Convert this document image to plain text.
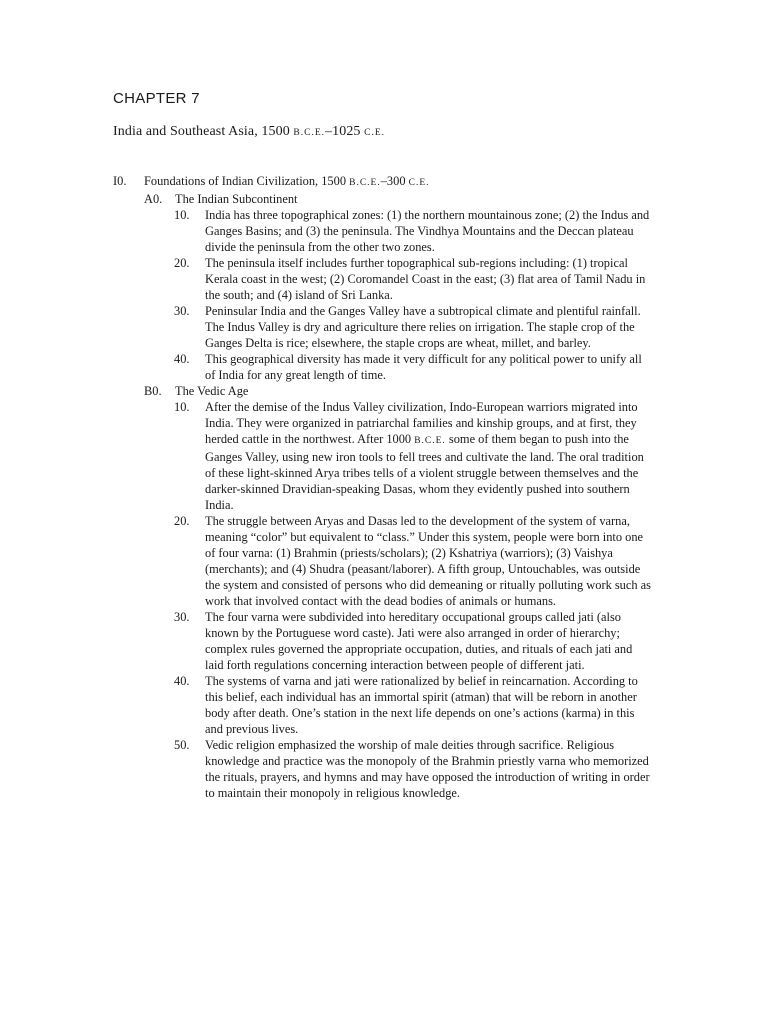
CHAPTER 7
India and Southeast Asia, 1500 B.C.E.–1025 C.E.
I0.	Foundations of Indian Civilization, 1500 B.C.E.–300 C.E.
A0.	The Indian Subcontinent
10.	India has three topographical zones: (1) the northern mountainous zone; (2) the Indus and Ganges Basins; and (3) the peninsula. The Vindhya Mountains and the Deccan plateau divide the peninsula from the other two zones.
20.	The peninsula itself includes further topographical sub-regions including: (1) tropical Kerala coast in the west; (2) Coromandel Coast in the east; (3) flat area of Tamil Nadu in the south; and (4) island of Sri Lanka.
30.	Peninsular India and the Ganges Valley have a subtropical climate and plentiful rainfall. The Indus Valley is dry and agriculture there relies on irrigation. The staple crop of the Ganges Delta is rice; elsewhere, the staple crops are wheat, millet, and barley.
40.	This geographical diversity has made it very difficult for any political power to unify all of India for any great length of time.
B0.	The Vedic Age
10.	After the demise of the Indus Valley civilization, Indo-European warriors migrated into India. They were organized in patriarchal families and kinship groups, and at first, they herded cattle in the northwest. After 1000 B.C.E. some of them began to push into the Ganges Valley, using new iron tools to fell trees and cultivate the land. The oral tradition of these light-skinned Arya tribes tells of a violent struggle between themselves and the darker-skinned Dravidian-speaking Dasas, whom they evidently pushed into southern India.
20.	The struggle between Aryas and Dasas led to the development of the system of varna, meaning “color” but equivalent to “class.” Under this system, people were born into one of four varna: (1) Brahmin (priests/scholars); (2) Kshatriya (warriors); (3) Vaishya (merchants); and (4) Shudra (peasant/laborer). A fifth group, Untouchables, was outside the system and consisted of persons who did demeaning or ritually polluting work such as work that involved contact with the dead bodies of animals or humans.
30.	The four varna were subdivided into hereditary occupational groups called jati (also known by the Portuguese word caste). Jati were also arranged in order of hierarchy; complex rules governed the appropriate occupation, duties, and rituals of each jati and laid forth regulations concerning interaction between people of different jati.
40.	The systems of varna and jati were rationalized by belief in reincarnation. According to this belief, each individual has an immortal spirit (atman) that will be reborn in another body after death. One’s station in the next life depends on one’s actions (karma) in this and previous lives.
50.	Vedic religion emphasized the worship of male deities through sacrifice. Religious knowledge and practice was the monopoly of the Brahmin priestly varna who memorized the rituals, prayers, and hymns and may have opposed the introduction of writing in order to maintain their monopoly in religious knowledge.
